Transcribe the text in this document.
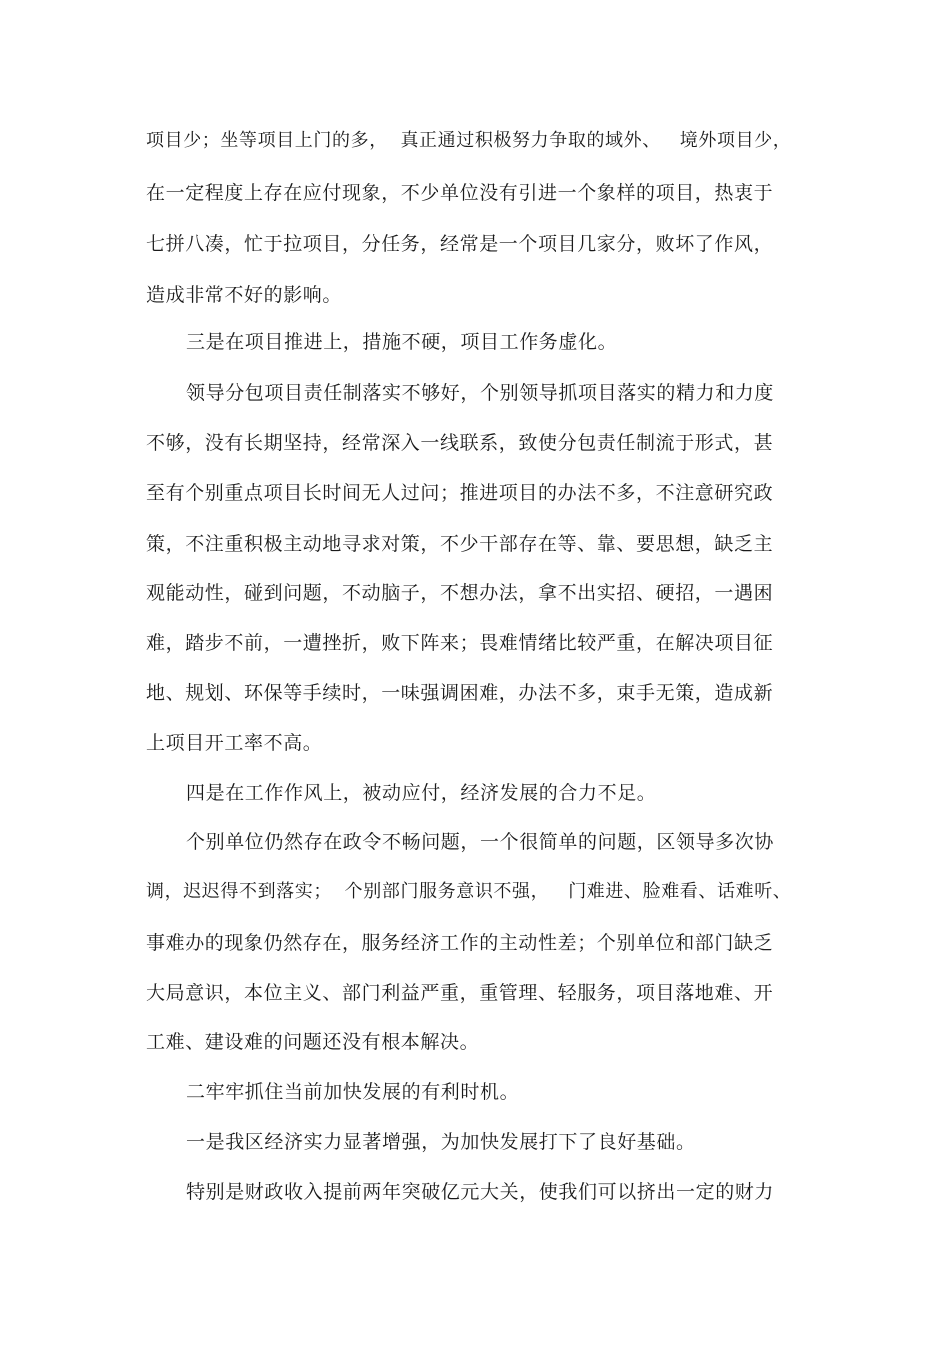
项目少；坐等项目上门的多，  真正通过积极努力争取的域外、   境外项目少，
在一定程度上存在应付现象，不少单位没有引进一个象样的项目，热衷于
七拼八凑，忙于拉项目，分任务，经常是一个项目几家分，败坏了作风，
造成非常不好的影响。
三是在项目推进上，措施不硬，项目工作务虚化。
领导分包项目责任制落实不够好，个别领导抓项目落实的精力和力度
不够，没有长期坚持，经常深入一线联系，致使分包责任制流于形式，甚
至有个别重点项目长时间无人过问；推进项目的办法不多，不注意研究政
策，不注重积极主动地寻求对策，不少干部存在等、靠、要思想，缺乏主
观能动性，碰到问题，不动脑子，不想办法，拿不出实招、硬招，一遇困
难，踏步不前，一遭挫折，败下阵来；畏难情绪比较严重，在解决项目征
地、规划、环保等手续时，一味强调困难，办法不多，束手无策，造成新
上项目开工率不高。
四是在工作作风上，被动应付，经济发展的合力不足。
个别单位仍然存在政令不畅问题，一个很简单的问题，区领导多次协
调，迟迟得不到落实；  个别部门服务意识不强，   门难进、脸难看、话难听、
事难办的现象仍然存在，服务经济工作的主动性差；个别单位和部门缺乏
大局意识，本位主义、部门利益严重，重管理、轻服务，项目落地难、开
工难、建设难的问题还没有根本解决。
二牢牢抓住当前加快发展的有利时机。
一是我区经济实力显著增强，为加快发展打下了良好基础。
特别是财政收入提前两年突破亿元大关，使我们可以挤出一定的财力
